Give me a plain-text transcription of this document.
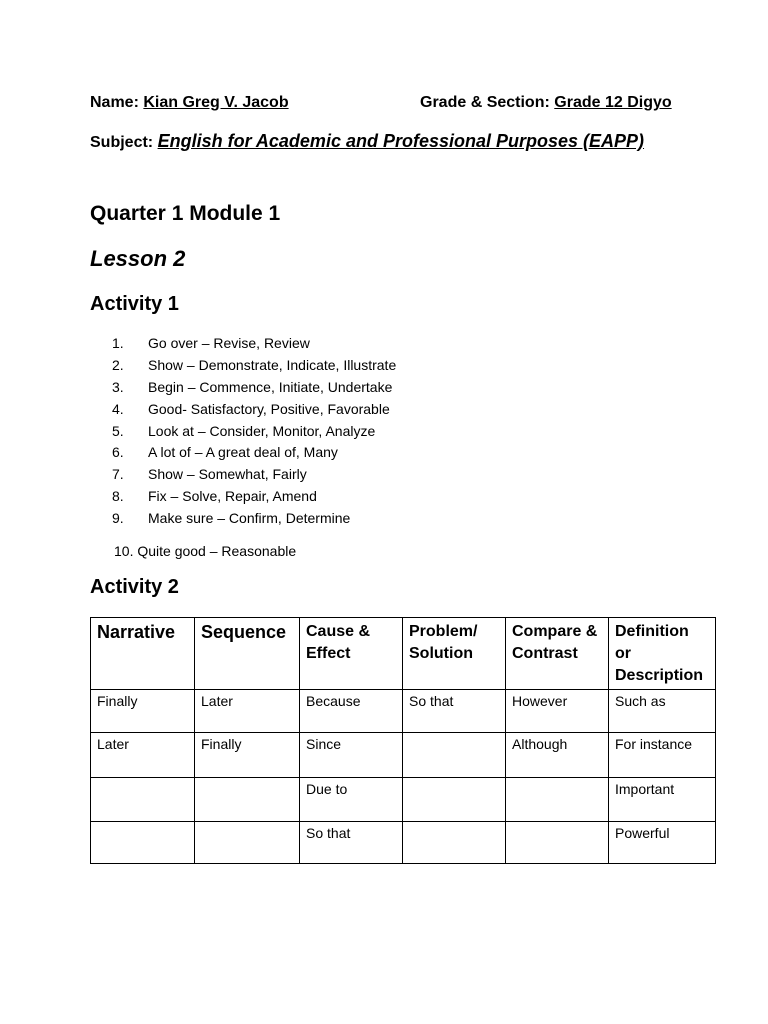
Name: Kian Greg V. Jacob	Grade & Section: Grade 12 Digyo
Subject: English for Academic and Professional Purposes (EAPP)
Quarter 1 Module 1
Lesson 2
Activity 1
1.	Go over – Revise, Review
2.	Show – Demonstrate, Indicate, Illustrate
3.	Begin – Commence, Initiate, Undertake
4.	Good- Satisfactory, Positive, Favorable
5.	Look at – Consider, Monitor, Analyze
6.	A lot of – A great deal of, Many
7.	Show – Somewhat, Fairly
8.	Fix – Solve, Repair, Amend
9.	Make sure – Confirm, Determine
10. Quite good – Reasonable
Activity 2
Narrative	Sequence	Cause & Effect	Problem/ Solution	Compare & Contrast	Definition or Description
Finally	Later	Because	So that	However	Such as
Later	Finally	Since		Although	For instance
		Due to			Important
		So that			Powerful
